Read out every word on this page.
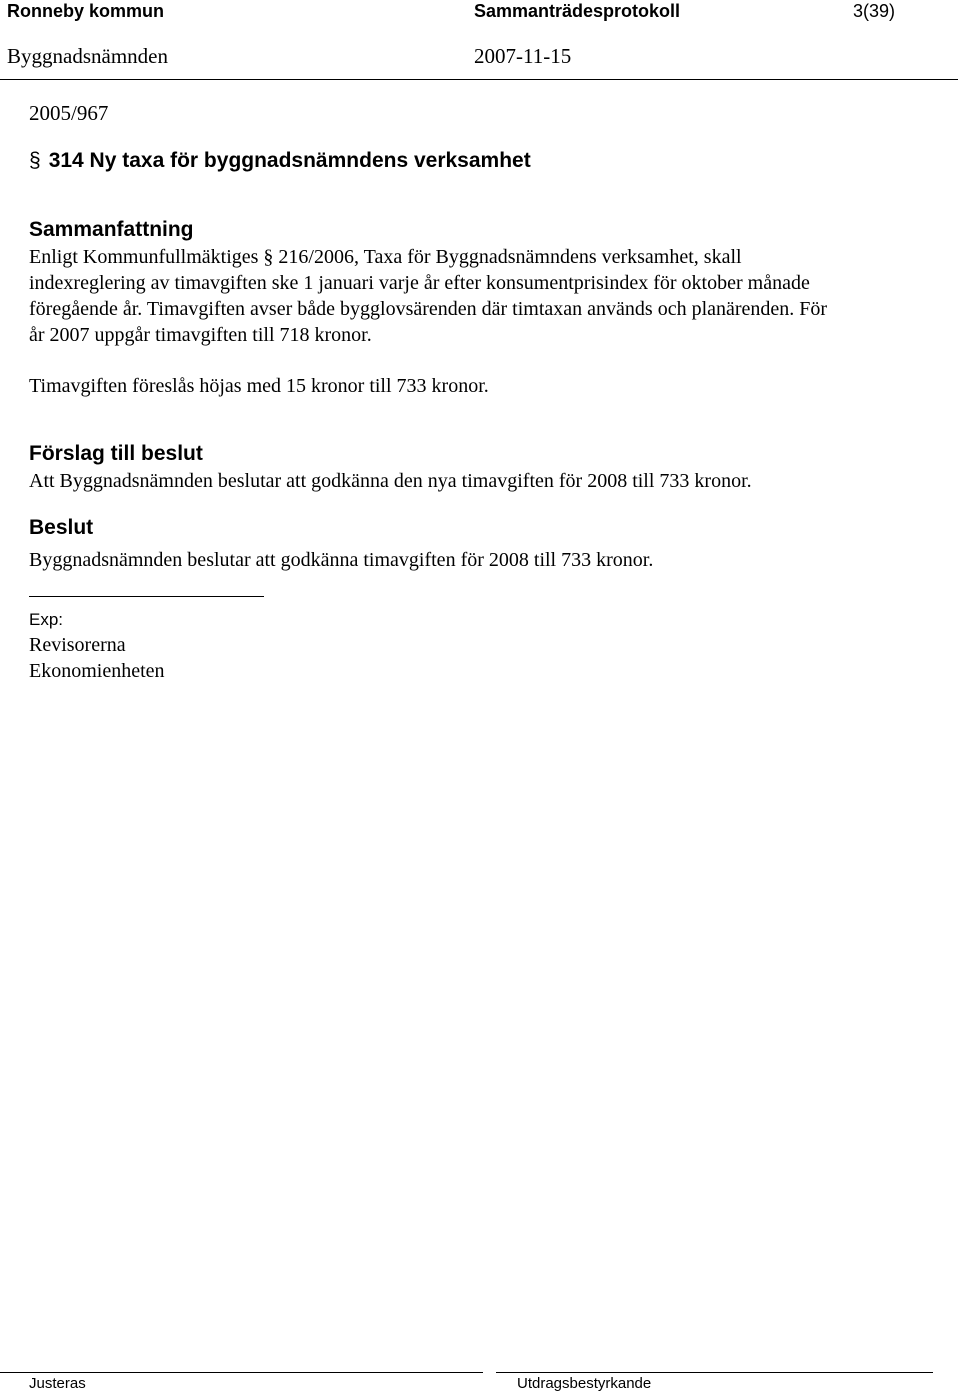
Ronneby kommun	Sammanträdesprotokoll	3(39)
Byggnadsnämnden	2007-11-15
2005/967
§ 314 Ny taxa för byggnadsnämndens verksamhet
Sammanfattning
Enligt Kommunfullmäktiges § 216/2006, Taxa för Byggnadsnämndens verksamhet, skall
indexreglering av timavgiften ske 1 januari varje år efter konsumentprisindex för oktober månade
föregående år. Timavgiften avser både bygglovsärenden där timtaxan används och planärenden. För
år 2007 uppgår timavgiften till 718 kronor.
Timavgiften föreslås höjas med 15 kronor till 733 kronor.
Förslag till beslut
Att Byggnadsnämnden beslutar att godkänna den nya timavgiften för 2008 till 733 kronor.
Beslut
Byggnadsnämnden beslutar att godkänna timavgiften för 2008 till 733 kronor.
Exp:
Revisorerna
Ekonomienheten
Justeras	Utdragsbestyrkande
